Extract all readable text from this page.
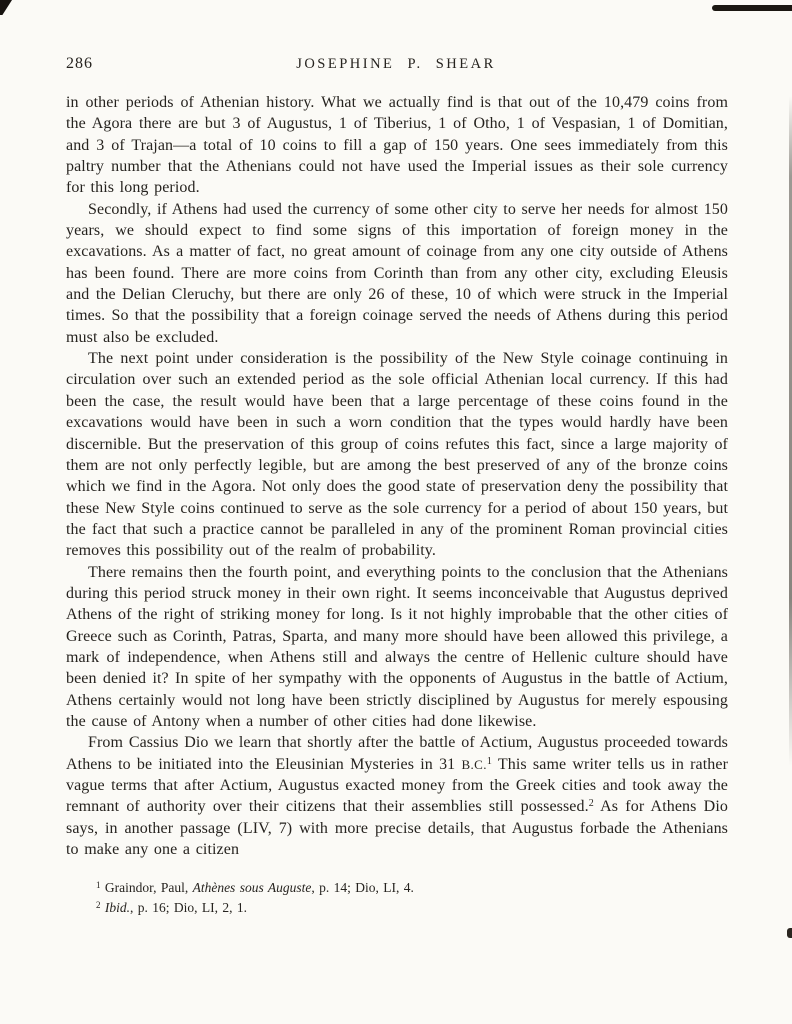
286	JOSEPHINE P. SHEAR

in other periods of Athenian history. What we actually find is that out of the 10,479 coins from the Agora there are but 3 of Augustus, 1 of Tiberius, 1 of Otho, 1 of Vespasian, 1 of Domitian, and 3 of Trajan—a total of 10 coins to fill a gap of 150 years. One sees immediately from this paltry number that the Athenians could not have used the Imperial issues as their sole currency for this long period.

Secondly, if Athens had used the currency of some other city to serve her needs for almost 150 years, we should expect to find some signs of this importation of foreign money in the excavations. As a matter of fact, no great amount of coinage from any one city outside of Athens has been found. There are more coins from Corinth than from any other city, excluding Eleusis and the Delian Cleruchy, but there are only 26 of these, 10 of which were struck in the Imperial times. So that the possibility that a foreign coinage served the needs of Athens during this period must also be excluded.

The next point under consideration is the possibility of the New Style coinage continuing in circulation over such an extended period as the sole official Athenian local currency. If this had been the case, the result would have been that a large percentage of these coins found in the excavations would have been in such a worn condition that the types would hardly have been discernible. But the preservation of this group of coins refutes this fact, since a large majority of them are not only perfectly legible, but are among the best preserved of any of the bronze coins which we find in the Agora. Not only does the good state of preservation deny the possibility that these New Style coins continued to serve as the sole currency for a period of about 150 years, but the fact that such a practice cannot be paralleled in any of the prominent Roman provincial cities removes this possibility out of the realm of probability.

There remains then the fourth point, and everything points to the conclusion that the Athenians during this period struck money in their own right. It seems inconceivable that Augustus deprived Athens of the right of striking money for long. Is it not highly improbable that the other cities of Greece such as Corinth, Patras, Sparta, and many more should have been allowed this privilege, a mark of independence, when Athens still and always the centre of Hellenic culture should have been denied it? In spite of her sympathy with the opponents of Augustus in the battle of Actium, Athens certainly would not long have been strictly disciplined by Augustus for merely espousing the cause of Antony when a number of other cities had done likewise.

From Cassius Dio we learn that shortly after the battle of Actium, Augustus proceeded towards Athens to be initiated into the Eleusinian Mysteries in 31 B.C.$^1$ This same writer tells us in rather vague terms that after Actium, Augustus exacted money from the Greek cities and took away the remnant of authority over their citizens that their assemblies still possessed.$^2$ As for Athens Dio says, in another passage (LIV, 7) with more precise details, that Augustus forbade the Athenians to make any one a citizen

$^1$ Graindor, Paul, Athènes sous Auguste, p. 14; Dio, LI, 4.

$^2$ Ibid., p. 16; Dio, LI, 2, 1.
